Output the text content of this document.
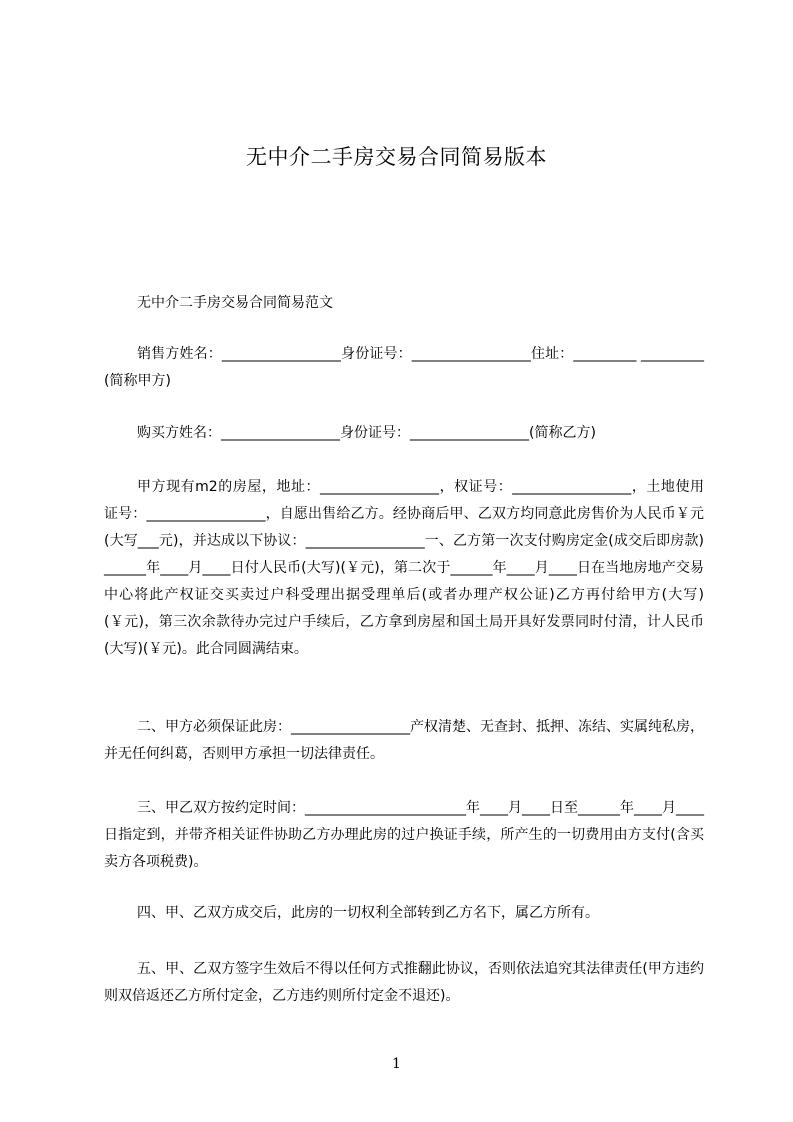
无中介二手房交易合同简易版本
无中介二手房交易合同简易范文

销售方姓名：_________________身份证号：_________________住址：_________ _________(简称甲方)

购买方姓名：_________________身份证号：_________________(简称乙方)

甲方现有m2的房屋，地址：_________________，权证号：_________________，土地使用证号：_________________，自愿出售给乙方。经协商后甲、乙双方均同意此房售价为人民币￥元(大写___元)，并达成以下协议：_________________一、乙方第一次支付购房定金(成交后即房款)______年____月____日付人民币(大写)(￥元)，第二次于______年____月____日在当地房地产交易中心将此产权证交买卖过户科受理出据受理单后(或者办理产权公证)乙方再付给甲方(大写)(￥元)，第三次余款待办完过户手续后，乙方拿到房屋和国土局开具好发票同时付清，计人民币(大写)(￥元)。此合同圆满结束。

二、甲方必须保证此房：_________________产权清楚、无查封、抵押、冻结、实属纯私房，并无任何纠葛，否则甲方承担一切法律责任。

三、甲乙双方按约定时间：_______________________年____月____日至______年____月____日指定到，并带齐相关证件协助乙方办理此房的过户换证手续，所产生的一切费用由方支付(含买卖方各项税费)。

四、甲、乙双方成交后，此房的一切权利全部转到乙方名下，属乙方所有。

五、甲、乙双方签字生效后不得以任何方式推翻此协议，否则依法追究其法律责任(甲方违约则双倍返还乙方所付定金，乙方违约则所付定金不退还)。

1
